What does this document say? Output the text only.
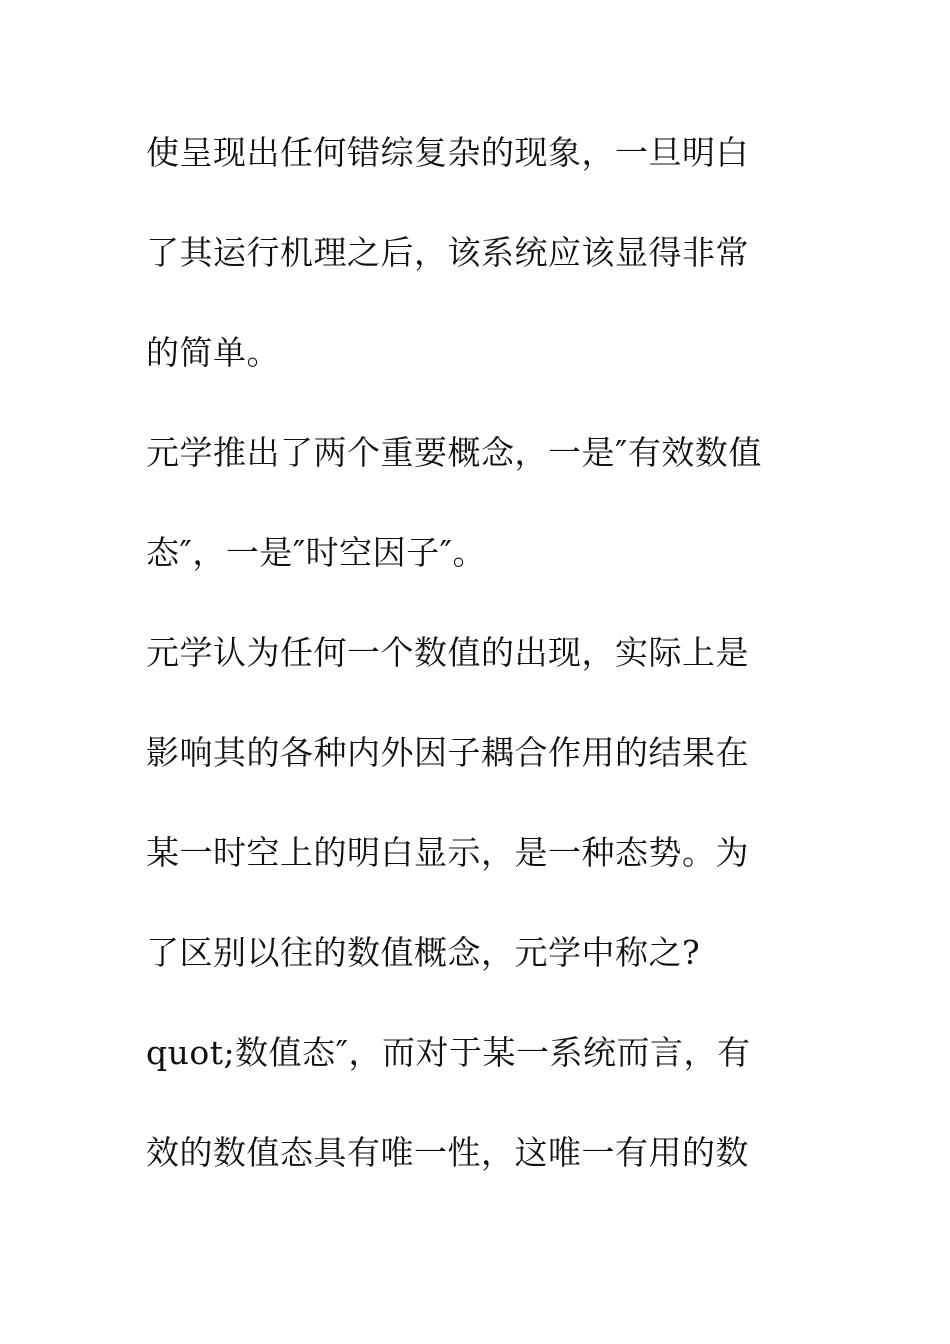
使呈现出任何错综复杂的现象，一旦明白
了其运行机理之后，该系统应该显得非常
的简单。
元学推出了两个重要概念，一是″有效数值
态″，一是″时空因子″。
元学认为任何一个数值的出现，实际上是
影响其的各种内外因子耦合作用的结果在
某一时空上的明白显示，是一种态势。为
了区别以往的数值概念，元学中称之?
quot;数值态″，而对于某一系统而言，有
效的数值态具有唯一性，这唯一有用的数
